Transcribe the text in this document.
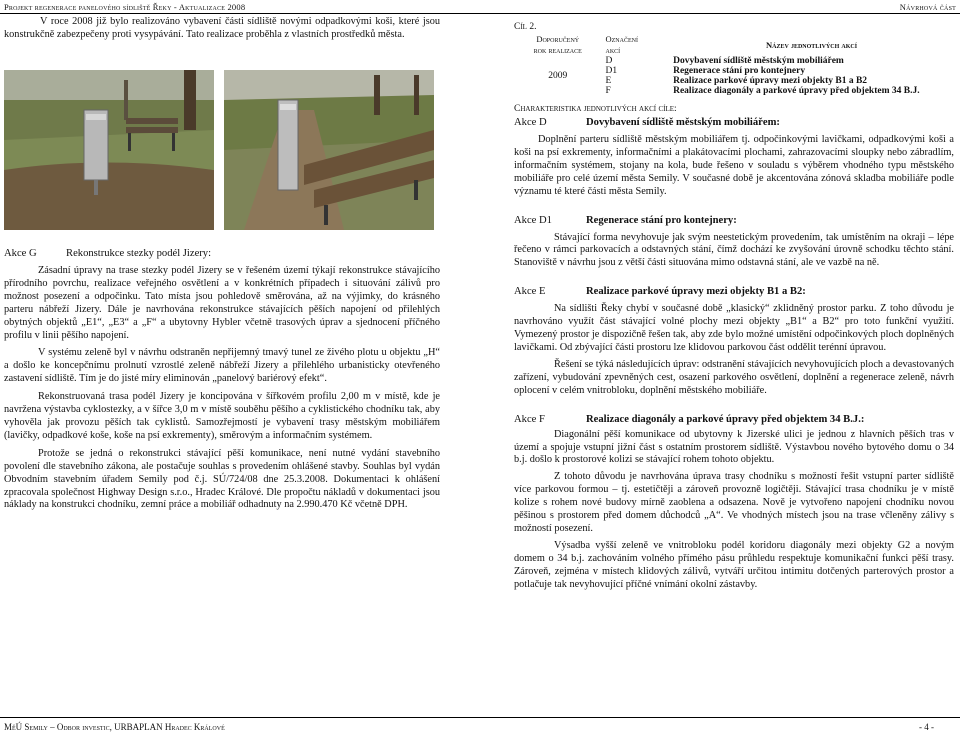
Projekt regenerace panelového sídliště Řeky - Aktualizace 2008	Návrhová část

V roce 2008 již bylo realizováno vybavení části sídliště novými odpadkovými koši, které jsou konstrukčně zabezpečeny proti vysypávání. Tato realizace proběhla z vlastních prostředků města.

Akce G	Rekonstrukce stezky podél Jizery:

Zásadní úpravy na trase stezky podél Jizery se v řešeném území týkají rekonstrukce stávajícího přírodního povrchu, realizace veřejného osvětlení a v konkrétních případech i situování zálivů pro možnost posezení a odpočinku. Tato místa jsou pohledově směrována, až na výjimky, do krásného parteru nábřeží Jizery. Dále je navrhována rekonstrukce stávajících pěších napojení od přilehlých obytných objektů „E1“, „E3“ a „F“ a ubytovny Hybler včetně trasových úprav a sjednocení příčného profilu v linii pěšího napojení.

V systému zeleně byl v návrhu odstraněn nepřijemný tmavý tunel ze živého plotu u objektu „H“ a došlo ke koncepčnímu prolnutí vzrostlé zeleně nábřeží Jizery a přilehlého urbanisticky otevřeného zastavení sídliště. Tím je do jisté míry eliminován „panelový bariérový efekt“.

Rekonstruovaná trasa podél Jizery je koncipována v šířkovém profilu 2,00 m v místě, kde je navržena výstavba cyklostezky, a v šířce 3,0 m v místě souběhu pěšího a cyklistického chodníku tak, aby vyhověla jak provozu pěších tak cyklistů. Samozřejmostí je vybavení trasy městským mobiliářem (lavičky, odpadkové koše, koše na psí exkrementy), směrovým a informačním systémem.

Protože se jedná o rekonstrukci stávající pěší komunikace, není nutné vydání stavebního povolení dle stavebního zákona, ale postačuje souhlas s provedením ohlášené stavby. Souhlas byl vydán Obvodním stavebním úřadem Semily pod č.j. SÚ/724/08 dne 25.3.2008. Dokumentaci k ohlášení zpracovala společnost Highway Design s.r.o., Hradec Králové. Dle propočtu nákladů v dokumentaci jsou náklady na konstrukci chodníku, zemní práce a mobiliář odhadnuty na 2.990.470 Kč včetně DPH.

Cíl 2.
Doporučený
rok realizace	Označení
akcí	Název jednotlivých akcí
2009	D	Dovybavení sídliště městským mobiliářem
	D1	Regenerace stání pro kontejnery
	E	Realizace parkové úpravy mezi objekty B1 a B2
	F	Realizace diagonály a parkové úpravy před objektem 34 B.J.
Charakteristika jednotlivých akcí cíle:

Akce D	Dovybavení sídliště městským mobiliářem:

Doplnění parteru sídliště městským mobiliářem tj. odpočinkovými lavičkami, odpadkovými koši a koši na psí exkrementy, informačními a plakátovacími plochami, zahrazovacími sloupky nebo zábradlím, informačním systémem, stojany na kola, bude řešeno v souladu s výběrem vhodného typu městského mobiliáře pro celé území města Semily. V současné době je akcentována zónová skladba mobiliáře podle významu té které části města Semily.

Akce D1	Regenerace stání pro kontejnery:

Stávající forma nevyhovuje jak svým neestetickým provedením, tak umístěním na okraji – lépe řečeno v rámci parkovacích a odstavných stání, čímž dochází ke zvyšování úrovně schodku těchto stání. Stanoviště v návrhu jsou z větší části situována mimo odstavná stání, ale ve vazbě na ně.

Akce E	Realizace parkové úpravy mezi objekty B1 a B2:

Na sídlišti Řeky chybí v současné době „klasický“ zklidněný prostor parku. Z toho důvodu je navrhováno využít část stávající volné plochy mezi objekty „B1“ a B2“ pro toto funkční využití. Vymezený prostor je dispozičně řešen tak, aby zde bylo možné umístění odpočinkových ploch doplněných lavičkami. Od zbývající části prostoru lze klidovou parkovou část oddělit terénní úpravou.

Řešení se týká následujících úprav: odstranění stávajících nevyhovujících ploch a devastovaných zařízení, vybudování zpevněných cest, osazení parkového osvětlení, doplnění a regenerace zeleně, návrh oplocení v celém vnitrobloku, doplnění městského mobiliáře.

Akce F	Realizace diagonály a parkové úpravy před objektem 34 B.J.:

Diagonální pěší komunikace od ubytovny k Jizerské ulici je jednou z hlavních pěších tras v území a spojuje vstupní jižní část s ostatním prostorem sídliště. Výstavbou nového bytového domu o 34 b.j. došlo k prostorové kolizi se stávající rohem tohoto objektu.

Z tohoto důvodu je navrhována úprava trasy chodníku s možností řešit vstupní parter sídliště více parkovou formou – tj. estetičtěji a zároveň provozně logičtěji. Stávající trasa chodníku je v místě kolize s rohem nové budovy mírně zaoblena a odsazena. Nově je vytvořeno napojení chodníku novou pěšinou s prostorem před domem důchodců „A“. Ve vhodných místech jsou na trase včleněny zálivy s možností posezení.

Výsadba vyšší zeleně ve vnitrobloku podél koridoru diagonály mezi objekty G2 a novým domem o 34 b.j. zachováním volného přímého pásu průhledu respektuje komunikační funkci pěší trasy. Zároveň, zejména v místech klidových zálivů, vytváří určitou intimitu dotčených parterových prostor a potlačuje tak nevyhovující příčné vnímání okolní zástavby.

MěÚ Semily – Odbor investic, URBAPLAN Hradec Králové	- 4 -
